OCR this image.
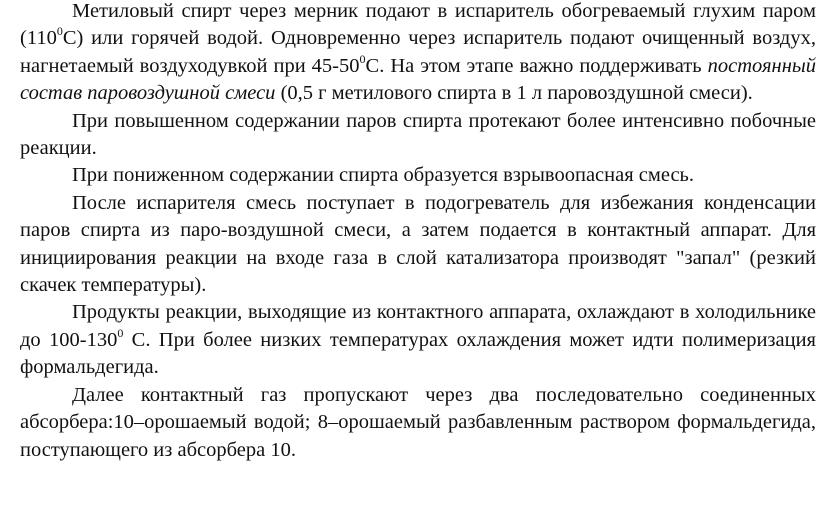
Метиловый спирт через мерник подают в испаритель обогреваемый глухим паром $(110^0С)$ или горячей водой. Одновременно через испаритель подают очищенный воздух, нагнетаемый воздуходувкой при $45-50^0С$. На этом этапе важно поддерживать постоянный состав паровоздушной смеси (0,5 г метилового спирта в 1 л паровоздушной смеси).

При повышенном содержании паров спирта протекают более интенсивно побочные реакции.

При пониженном содержании спирта образуется взрывоопасная смесь.

После испарителя смесь поступает в подогреватель для избежания конденсации паров спирта из паро-воздушной смеси, а затем подается в контактный аппарат. Для инициирования реакции на входе газа в слой катализатора производят "запал" (резкий скачек температуры).

Продукты реакции, выходящие из контактного аппарата, охлаждают в холодильнике до $100-130^0$ С. При более низких температурах охлаждения может идти полимеризация формальдегида.

Далее контактный газ пропускают через два последовательно соединенных абсорбера:10–орошаемый водой; 8–орошаемый разбавленным раствором формальдегида, поступающего из абсорбера 10.
